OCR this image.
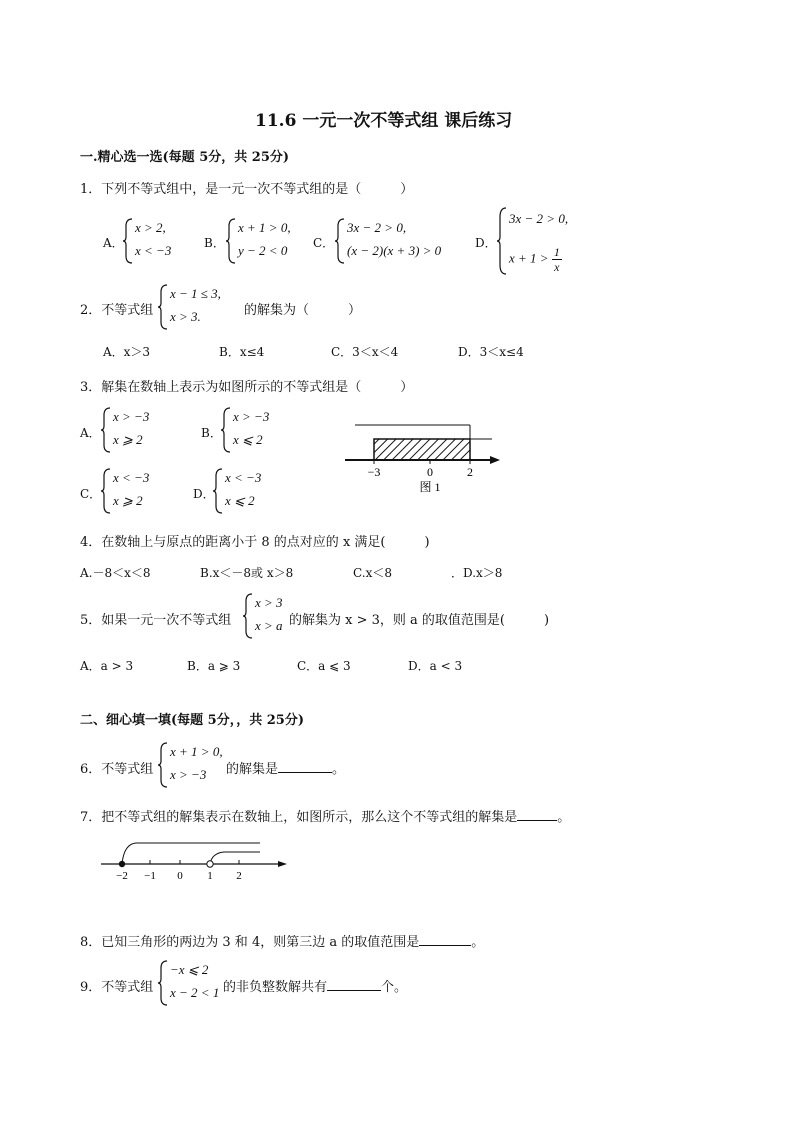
11.6 一元一次不等式组 课后练习
一.精心选一选(每题 5分，共 25分)
1．下列不等式组中，是一元一次不等式组的是（　　　）
A．
x > 2,
x < −3	B．
x + 1 > 0,
y − 2 < 0 C．
3x − 2 > 0,
(x − 2)(x + 3) > 0	D．
3x − 2 > 0,
$x + 1 > \frac{1}{x}$
2．不等式组
x − 1 ≤ 3,
x > 3.	的解集为（　　　）
A．x＞3	B．x≤4	C．3＜x＜4	D．3＜x≤4
3．解集在数轴上表示为如图所示的不等式组是（　　　）
A．
x > −3
x ⩾ 2	B．
x > −3
x ⩽ 2
C．
x < −3
x ⩾ 2	D．
x < −3
x ⩽ 2
−3	0	2
图 1
4．在数轴上与原点的距离小于 8 的点对应的 x 满足(　　　)
A.－8＜x＜8	B.x＜－8或 x＞8	C.x＜8	．D.x＞8
5．如果一元一次不等式组
x > 3
x > a 的解集为 x > 3，则 a 的取值范围是(　　　)
A．a > 3	B．a ⩾ 3	C．a ⩽ 3	D．a < 3
二、细心填一填(每题 5分，，共 25分)
6．不等式组
x + 1 > 0,
x > −3 的解集是	。
7．把不等式组的解集表示在数轴上，如图所示，那么这个不等式组的解集是	。
−2 −1 0 1 2
8．已知三角形的两边为 3 和 4，则第三边 a 的取值范围是	。
9．不等式组
−x ⩽ 2
x − 2 < 1 的非负整数解共有	个。
